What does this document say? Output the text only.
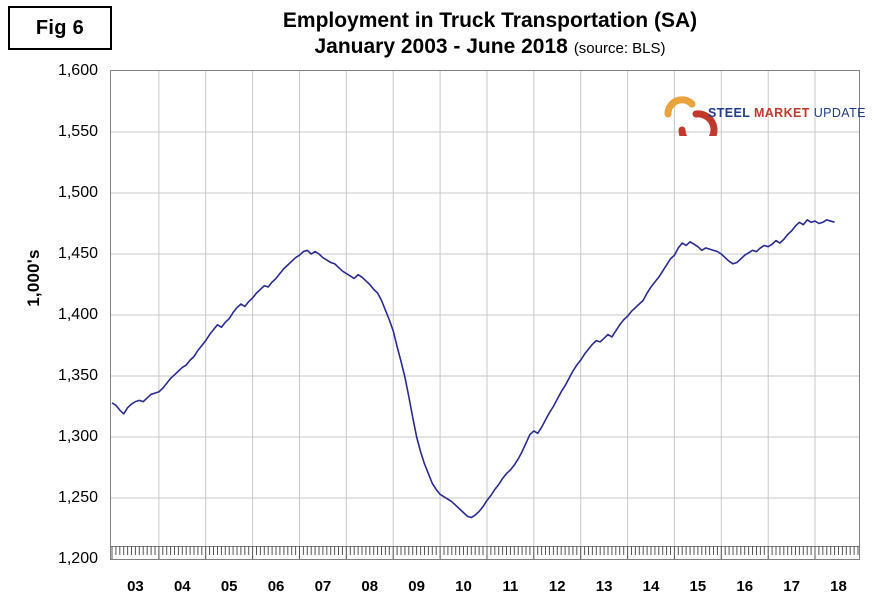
Fig 6	Employment in Truck Transportation (SA)
January 2003 - June 2018 (source: BLS)
1,000's
1,600
1,550
1,500
1,450
1,400
1,350
1,300
1,250
1,200
03 04 05 06 07 08 09 10 11 12 13 14 15 16 17 18
STEEL MARKET UPDATE
